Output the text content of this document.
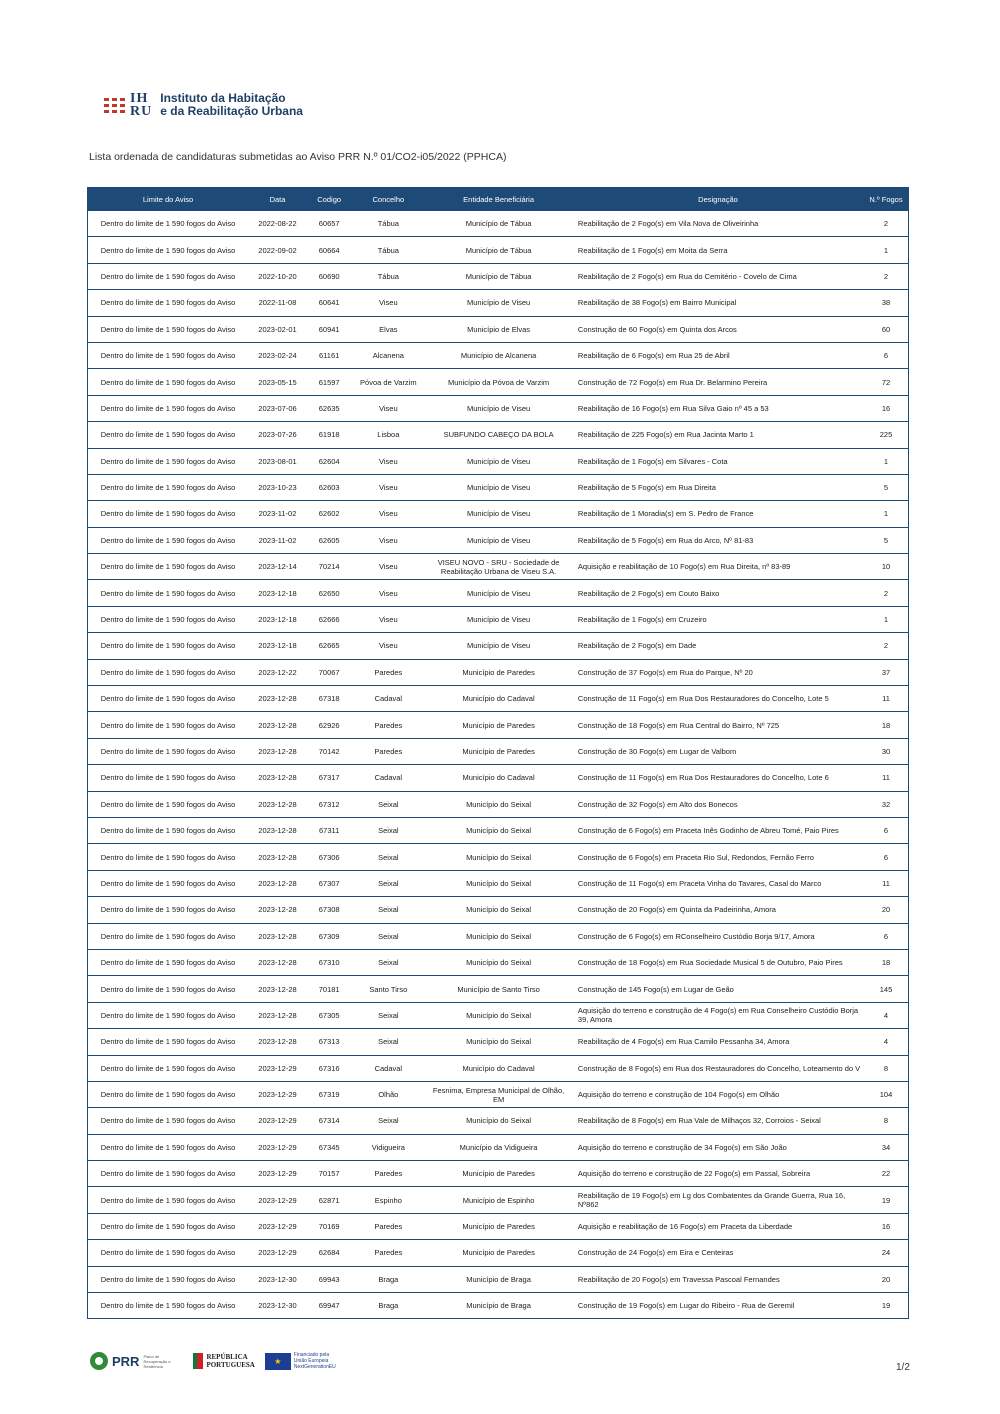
IH
RU
Instituto da Habitação
e da Reabilitação Urbana
Lista ordenada de candidaturas submetidas ao Aviso PRR N.º 01/CO2-i05/2022 (PPHCA)
Limite do Aviso	Data	Codigo	Concelho	Entidade Beneficiária	Designação	N.º Fogos
Dentro do limite de 1 590 fogos do Aviso	2022-08-22	60657	Tábua	Município de Tábua	Reabilitação de 2 Fogo(s) em Vila Nova de Oliveirinha	2
Dentro do limite de 1 590 fogos do Aviso	2022-09-02	60664	Tábua	Município de Tábua	Reabilitação de 1 Fogo(s) em Moita da Serra	1
Dentro do limite de 1 590 fogos do Aviso	2022-10-20	60690	Tábua	Município de Tábua	Reabilitação de 2 Fogo(s) em Rua do Cemitério - Covelo de Cima	2
Dentro do limite de 1 590 fogos do Aviso	2022-11-08	60641	Viseu	Município de Viseu	Reabilitação de 38 Fogo(s) em Bairro Municipal	38
Dentro do limite de 1 590 fogos do Aviso	2023-02-01	60941	Elvas	Município de Elvas	Construção de 60 Fogo(s) em Quinta dos Arcos	60
Dentro do limite de 1 590 fogos do Aviso	2023-02-24	61161	Alcanena	Município de Alcanena	Reabilitação de 6 Fogo(s) em Rua 25 de Abril	6
Dentro do limite de 1 590 fogos do Aviso	2023-05-15	61597	Póvoa de Varzim	Município da Póvoa de Varzim	Construção de 72 Fogo(s) em Rua Dr. Belarmino Pereira	72
Dentro do limite de 1 590 fogos do Aviso	2023-07-06	62635	Viseu	Município de Viseu	Reabilitação de 16 Fogo(s) em Rua Silva Gaio nº 45 a 53	16
Dentro do limite de 1 590 fogos do Aviso	2023-07-26	61918	Lisboa	SUBFUNDO CABEÇO DA BOLA	Reabilitação de 225 Fogo(s) em Rua Jacinta Marto 1	225
Dentro do limite de 1 590 fogos do Aviso	2023-08-01	62604	Viseu	Município de Viseu	Reabilitação de 1 Fogo(s) em Silvares - Cota	1
Dentro do limite de 1 590 fogos do Aviso	2023-10-23	62603	Viseu	Município de Viseu	Reabilitação de 5 Fogo(s) em Rua Direita	5
Dentro do limite de 1 590 fogos do Aviso	2023-11-02	62602	Viseu	Município de Viseu	Reabilitação de 1 Moradia(s) em S. Pedro de France	1
Dentro do limite de 1 590 fogos do Aviso	2023-11-02	62605	Viseu	Município de Viseu	Reabilitação de 5 Fogo(s) em Rua do Arco, Nº 81-83	5
Dentro do limite de 1 590 fogos do Aviso	2023-12-14	70214	Viseu	VISEU NOVO - SRU - Sociedade de Reabilitação Urbana de Viseu S.A.	Aquisição e reabilitação de 10 Fogo(s) em Rua Direita, nº 83-89	10
Dentro do limite de 1 590 fogos do Aviso	2023-12-18	62650	Viseu	Município de Viseu	Reabilitação de 2 Fogo(s) em Couto Baixo	2
Dentro do limite de 1 590 fogos do Aviso	2023-12-18	62666	Viseu	Município de Viseu	Reabilitação de 1 Fogo(s) em Cruzeiro	1
Dentro do limite de 1 590 fogos do Aviso	2023-12-18	62665	Viseu	Município de Viseu	Reabilitação de 2 Fogo(s) em Dade	2
Dentro do limite de 1 590 fogos do Aviso	2023-12-22	70067	Paredes	Município de Paredes	Construção de 37 Fogo(s) em Rua do Parque, Nº 20	37
Dentro do limite de 1 590 fogos do Aviso	2023-12-28	67318	Cadaval	Município do Cadaval	Construção de 11 Fogo(s) em Rua Dos Restauradores do Concelho, Lote 5	11
Dentro do limite de 1 590 fogos do Aviso	2023-12-28	62926	Paredes	Município de Paredes	Construção de 18 Fogo(s) em Rua Central do Bairro, Nº 725	18
Dentro do limite de 1 590 fogos do Aviso	2023-12-28	70142	Paredes	Município de Paredes	Construção de 30 Fogo(s) em Lugar de Valbom	30
Dentro do limite de 1 590 fogos do Aviso	2023-12-28	67317	Cadaval	Município do Cadaval	Construção de 11 Fogo(s) em Rua Dos Restauradores do Concelho, Lote 6	11
Dentro do limite de 1 590 fogos do Aviso	2023-12-28	67312	Seixal	Município do Seixal	Construção de 32 Fogo(s) em Alto dos Bonecos	32
Dentro do limite de 1 590 fogos do Aviso	2023-12-28	67311	Seixal	Município do Seixal	Construção de 6 Fogo(s) em Praceta Inês Godinho de Abreu Tomé, Paio Pires	6
Dentro do limite de 1 590 fogos do Aviso	2023-12-28	67306	Seixal	Município do Seixal	Construção de 6 Fogo(s) em Praceta Rio Sul, Redondos, Fernão Ferro	6
Dentro do limite de 1 590 fogos do Aviso	2023-12-28	67307	Seixal	Município do Seixal	Construção de 11 Fogo(s) em Praceta Vinha do Tavares, Casal do Marco	11
Dentro do limite de 1 590 fogos do Aviso	2023-12-28	67308	Seixal	Município do Seixal	Construção de 20 Fogo(s) em Quinta da Padeirinha, Amora	20
Dentro do limite de 1 590 fogos do Aviso	2023-12-28	67309	Seixal	Município do Seixal	Construção de 6 Fogo(s) em RConselheiro Custódio Borja 9/17, Amora	6
Dentro do limite de 1 590 fogos do Aviso	2023-12-28	67310	Seixal	Município do Seixal	Construção de 18 Fogo(s) em Rua Sociedade Musical 5 de Outubro, Paio Pires	18
Dentro do limite de 1 590 fogos do Aviso	2023-12-28	70181	Santo Tirso	Município de Santo Tirso	Construção de 145 Fogo(s) em Lugar de Geão	145
Dentro do limite de 1 590 fogos do Aviso	2023-12-28	67305	Seixal	Município do Seixal	Aquisição do terreno e construção de 4 Fogo(s) em Rua Conselheiro Custódio Borja 39, Amora	4
Dentro do limite de 1 590 fogos do Aviso	2023-12-28	67313	Seixal	Município do Seixal	Reabilitação de 4 Fogo(s) em Rua Camilo Pessanha 34, Amora	4
Dentro do limite de 1 590 fogos do Aviso	2023-12-29	67316	Cadaval	Município do Cadaval	Construção de 8 Fogo(s) em Rua dos Restauradores do Concelho, Loteamento do V	8
Dentro do limite de 1 590 fogos do Aviso	2023-12-29	67319	Olhão	Fesnima, Empresa Municipal de Olhão, EM	Aquisição do terreno e construção de 104 Fogo(s) em Olhão	104
Dentro do limite de 1 590 fogos do Aviso	2023-12-29	67314	Seixal	Município do Seixal	Reabilitação de 8 Fogo(s) em Rua Vale de Milhaços 32, Corroios - Seixal	8
Dentro do limite de 1 590 fogos do Aviso	2023-12-29	67345	Vidigueira	Município da Vidigueira	Aquisição do terreno e construção de 34 Fogo(s) em São João	34
Dentro do limite de 1 590 fogos do Aviso	2023-12-29	70157	Paredes	Município de Paredes	Aquisição do terreno e construção de 22 Fogo(s) em Passal, Sobreira	22
Dentro do limite de 1 590 fogos do Aviso	2023-12-29	62871	Espinho	Município de Espinho	Reabilitação de 19 Fogo(s) em Lg dos Combatentes da Grande Guerra, Rua 16, Nº862	19
Dentro do limite de 1 590 fogos do Aviso	2023-12-29	70169	Paredes	Município de Paredes	Aquisição e reabilitação de 16 Fogo(s) em Praceta da Liberdade	16
Dentro do limite de 1 590 fogos do Aviso	2023-12-29	62684	Paredes	Município de Paredes	Construção de 24 Fogo(s) em Eira e Centeiras	24
Dentro do limite de 1 590 fogos do Aviso	2023-12-30	69943	Braga	Município de Braga	Reabilitação de 20 Fogo(s) em Travessa Pascoal Fernandes	20
Dentro do limite de 1 590 fogos do Aviso	2023-12-30	69947	Braga	Município de Braga	Construção de 19 Fogo(s) em Lugar do Ribeiro - Rua de Geremil	19
PRR Plano de Recuperação e Resiliência
REPÚBLICA
PORTUGUESA	★
Financiado pela
União Europeia
NextGenerationEU	1/2
